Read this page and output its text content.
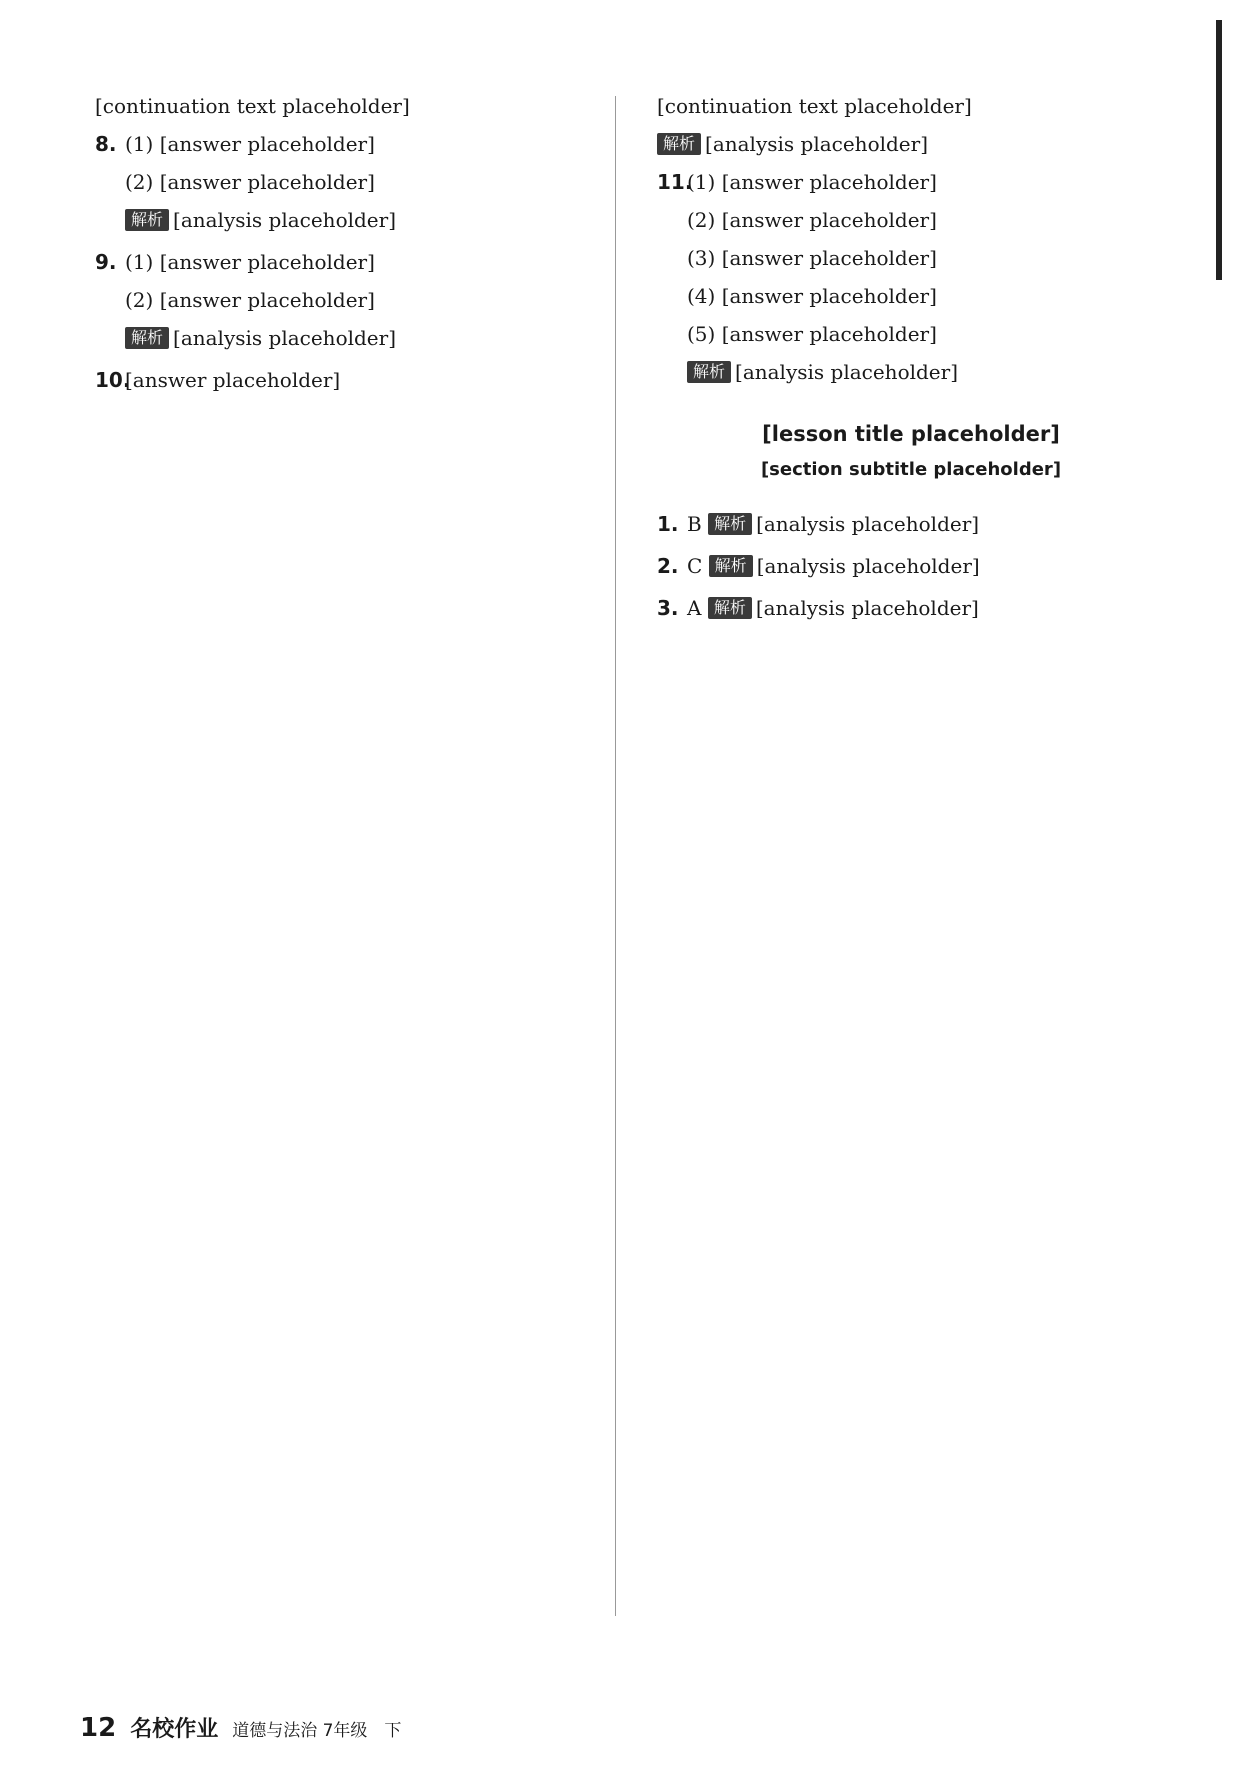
[continuation text placeholder]

8. (1) [answer placeholder]

(2) [answer placeholder]

解析 [analysis placeholder]

9. (1) [answer placeholder]

(2) [answer placeholder]

解析 [analysis placeholder]

10.

[answer placeholder]

[continuation text placeholder]

解析 [analysis placeholder]

11.

(1) [answer placeholder]

(2) [answer placeholder]

(3) [answer placeholder]

(4) [answer placeholder]

(5) [answer placeholder]

解析 [analysis placeholder]

[lesson title placeholder]
[section subtitle placeholder]
1. B 解析 [analysis placeholder]

2. C 解析 [analysis placeholder]

3. A 解析 [analysis placeholder]

12 名校作业 道德与法治 7年级　下
